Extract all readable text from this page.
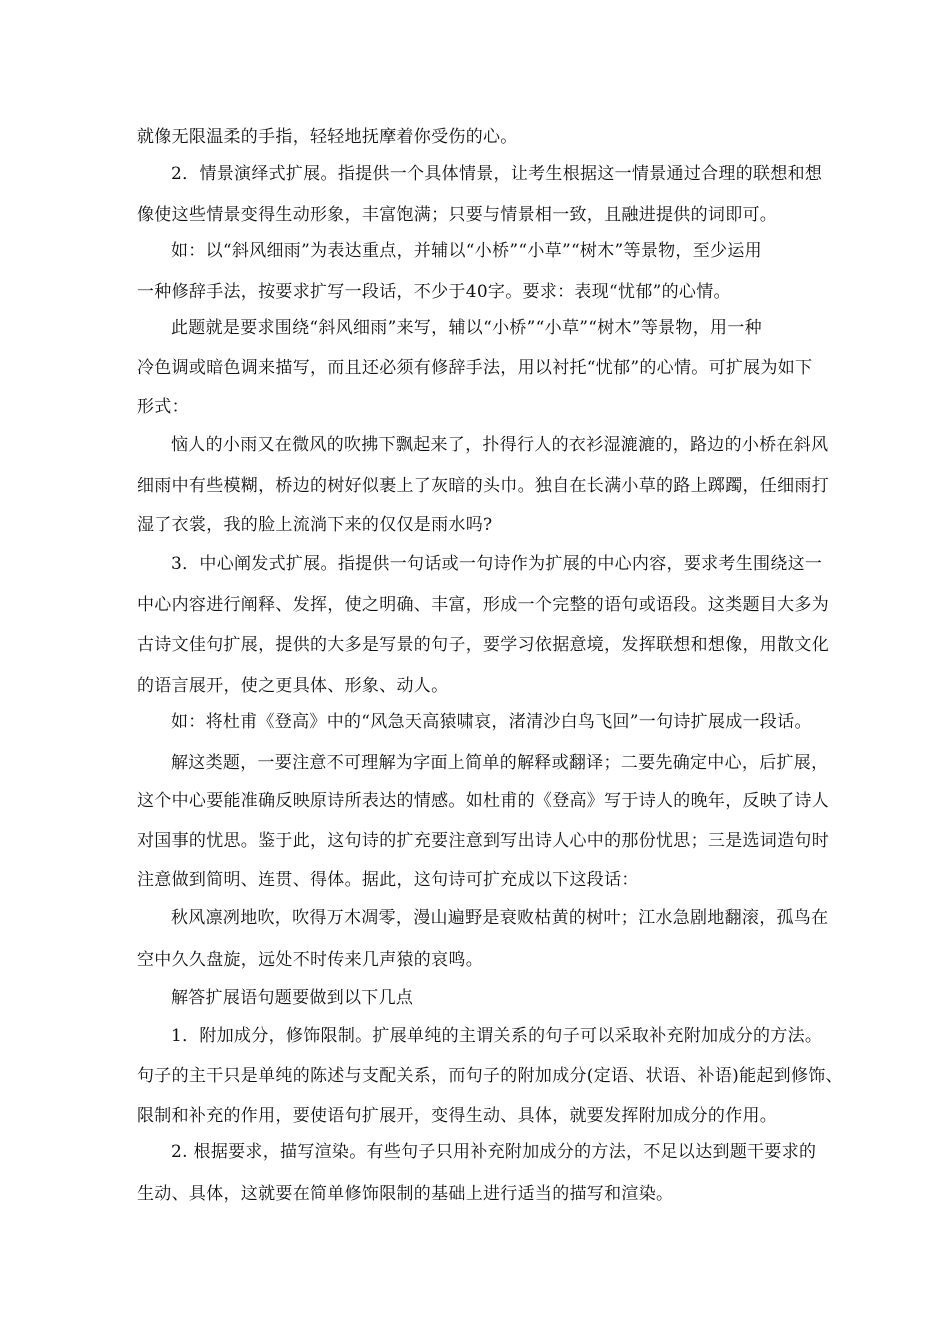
就像无限温柔的手指，轻轻地抚摩着你受伤的心。
2．情景演绎式扩展。指提供一个具体情景，让考生根据这一情景通过合理的联想和想
像使这些情景变得生动形象，丰富饱满；只要与情景相一致，且融进提供的词即可。
如：以“斜风细雨”为表达重点，并辅以“小桥”“小草”“树木”等景物，至少运用
一种修辞手法，按要求扩写一段话，不少于40字。要求：表现“忧郁”的心情。
此题就是要求围绕“斜风细雨”来写，辅以“小桥”“小草”“树木”等景物，用一种
冷色调或暗色调来描写，而且还必须有修辞手法，用以衬托“忧郁”的心情。可扩展为如下
形式：
恼人的小雨又在微风的吹拂下飘起来了，扑得行人的衣衫湿漉漉的，路边的小桥在斜风
细雨中有些模糊，桥边的树好似裹上了灰暗的头巾。独自在长满小草的路上踯躅，任细雨打
湿了衣裳，我的脸上流淌下来的仅仅是雨水吗?
3．中心阐发式扩展。指提供一句话或一句诗作为扩展的中心内容，要求考生围绕这一
中心内容进行阐释、发挥，使之明确、丰富，形成一个完整的语句或语段。这类题目大多为
古诗文佳句扩展，提供的大多是写景的句子，要学习依据意境，发挥联想和想像，用散文化
的语言展开，使之更具体、形象、动人。
如：将杜甫《登高》中的“风急天高猿啸哀，渚清沙白鸟飞回”一句诗扩展成一段话。
解这类题，一要注意不可理解为字面上简单的解释或翻译；二要先确定中心，后扩展，
这个中心要能准确反映原诗所表达的情感。如杜甫的《登高》写于诗人的晚年，反映了诗人
对国事的忧思。鉴于此，这句诗的扩充要注意到写出诗人心中的那份忧思；三是选词造句时
注意做到简明、连贯、得体。据此，这句诗可扩充成以下这段话：
秋风凛冽地吹，吹得万木凋零，漫山遍野是衰败枯黄的树叶；江水急剧地翻滚，孤鸟在
空中久久盘旋，远处不时传来几声猿的哀鸣。
解答扩展语句题要做到以下几点
1．附加成分，修饰限制。扩展单纯的主谓关系的句子可以采取补充附加成分的方法。
句子的主干只是单纯的陈述与支配关系，而句子的附加成分(定语、状语、补语)能起到修饰、
限制和补充的作用，要使语句扩展开，变得生动、具体，就要发挥附加成分的作用。
2. 根据要求，描写渲染。有些句子只用补充附加成分的方法，不足以达到题干要求的
生动、具体，这就要在简单修饰限制的基础上进行适当的描写和渲染。
